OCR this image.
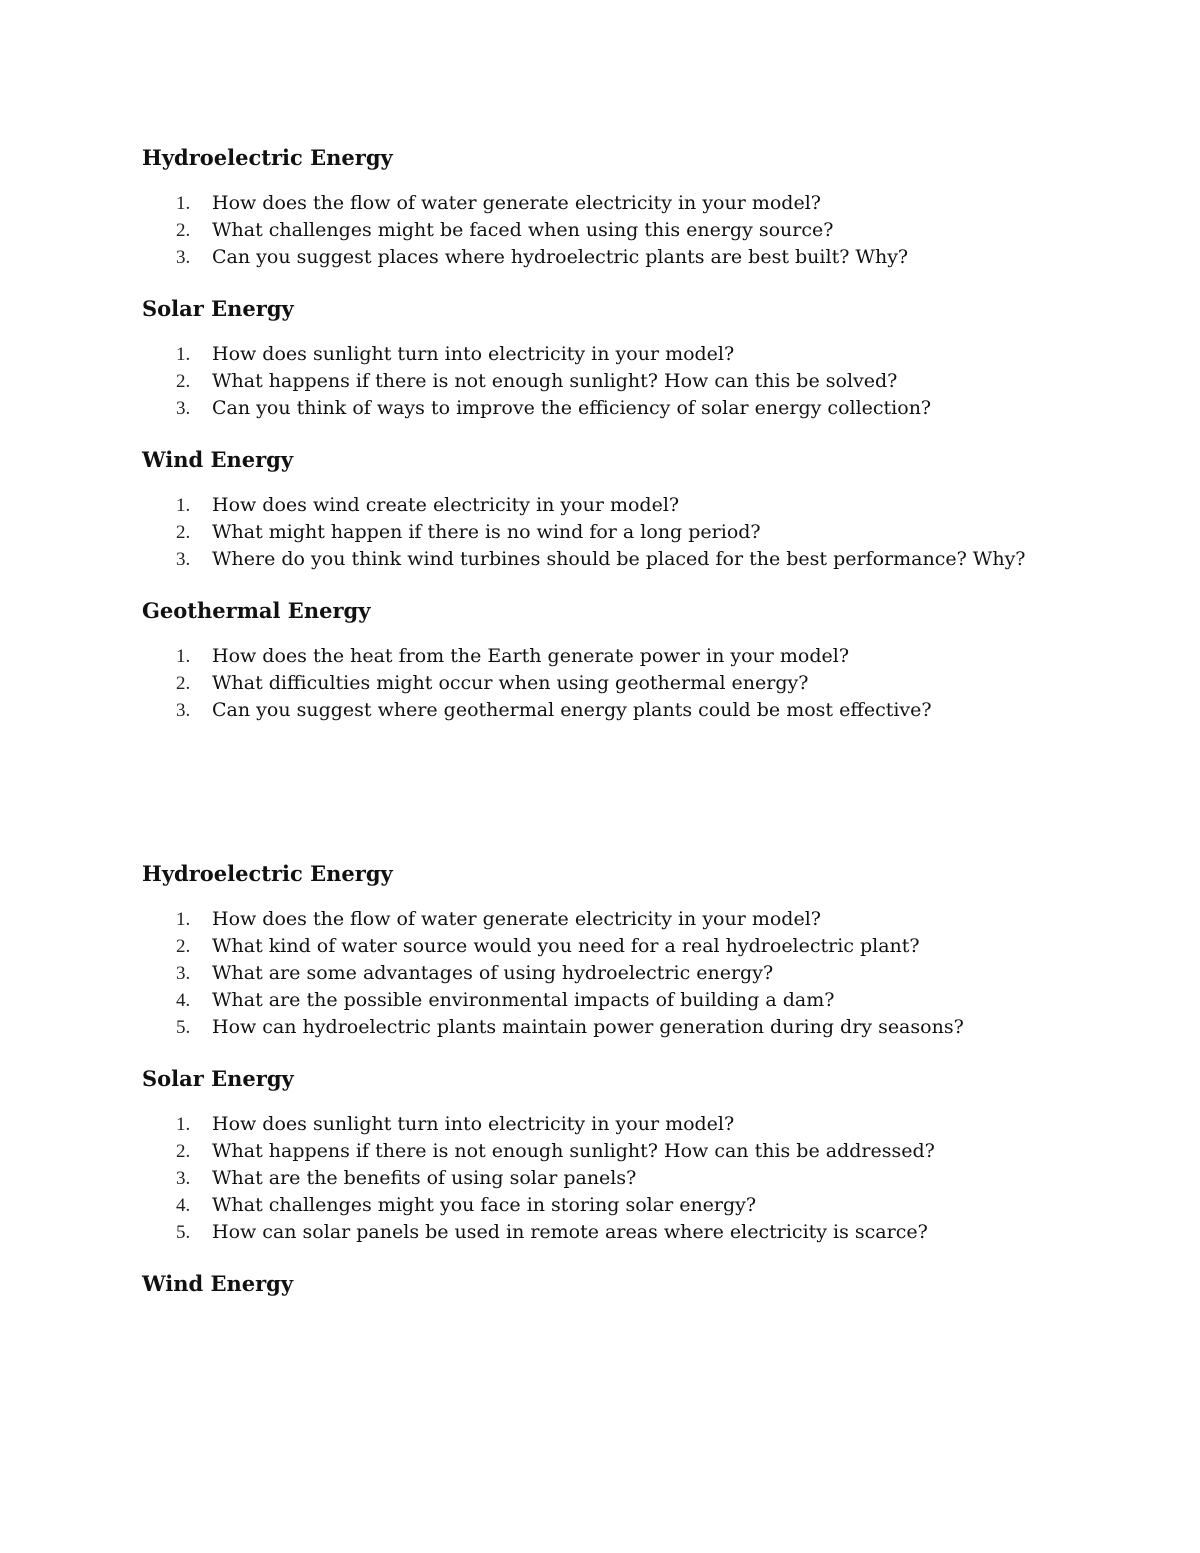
Hydroelectric Energy
1. How does the flow of water generate electricity in your model?
2. What challenges might be faced when using this energy source?
3. Can you suggest places where hydroelectric plants are best built? Why?
Solar Energy
1. How does sunlight turn into electricity in your model?
2. What happens if there is not enough sunlight? How can this be solved?
3. Can you think of ways to improve the efficiency of solar energy collection?
Wind Energy
1. How does wind create electricity in your model?
2. What might happen if there is no wind for a long period?
3. Where do you think wind turbines should be placed for the best performance? Why?
Geothermal Energy
1. How does the heat from the Earth generate power in your model?
2. What difficulties might occur when using geothermal energy?
3. Can you suggest where geothermal energy plants could be most effective?
Hydroelectric Energy
1. How does the flow of water generate electricity in your model?
2. What kind of water source would you need for a real hydroelectric plant?
3. What are some advantages of using hydroelectric energy?
4. What are the possible environmental impacts of building a dam?
5. How can hydroelectric plants maintain power generation during dry seasons?
Solar Energy
1. How does sunlight turn into electricity in your model?
2. What happens if there is not enough sunlight? How can this be addressed?
3. What are the benefits of using solar panels?
4. What challenges might you face in storing solar energy?
5. How can solar panels be used in remote areas where electricity is scarce?
Wind Energy
